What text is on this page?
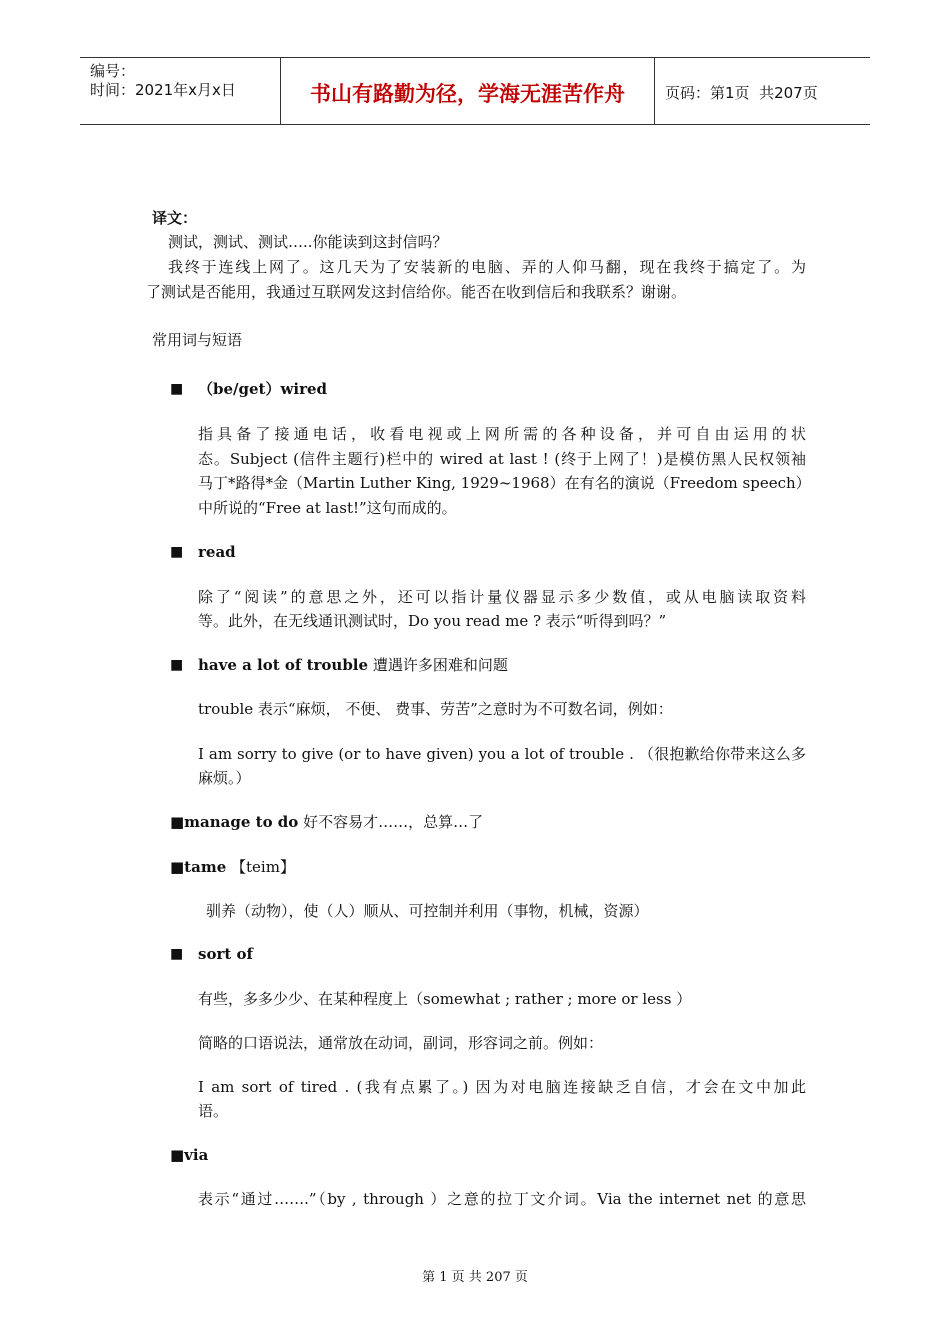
编号：
时间：2021年x月x日	书山有路勤为径，学海无涯苦作舟	页码：第1页  共207页
译文：
测试，测试、测试…..你能读到这封信吗？
我终于连线上网了。这几天为了安装新的电脑、弄的人仰马翻，现在我终于搞定了。为
了测试是否能用，我通过互联网发这封信给你。能否在收到信后和我联系？谢谢。
常用词与短语
■ （be/get）wired
指具备了接通电话，收看电视或上网所需的各种设备，并可自由运用的状
态。Subject (信件主题行)栏中的 wired at last ! (终于上网了！)是模仿黑人民权领袖
马丁*路得*金（Martin Luther King, 1929~1968）在有名的演说（Freedom speech）
中所说的“Free at last!”这句而成的。
■ read
除了“阅读”的意思之外，还可以指计量仪器显示多少数值，或从电脑读取资料
等。此外，在无线通讯测试时，Do you read me ? 表示“听得到吗？”
■ have a lot of trouble 遭遇许多困难和问题
trouble 表示“麻烦， 不便、 费事、劳苦”之意时为不可数名词，例如：
I am sorry to give (or to have given) you a lot of trouble . （很抱歉给你带来这么多
麻烦。）
■manage to do 好不容易才……，总算…了
■tame 【teim】
驯养（动物），使（人）顺从、可控制并利用（事物，机械，资源）
■ sort of
有些，多多少少、在某种程度上（somewhat ; rather ; more or less ）
简略的口语说法，通常放在动词，副词，形容词之前。例如：
I am sort of tired . (我有点累了。) 因为对电脑连接缺乏自信，才会在文中加此
语。
■via
表示“通过…….”（by , through ）之意的拉丁文介词。Via the internet net 的意思
第 1 页 共 207 页
